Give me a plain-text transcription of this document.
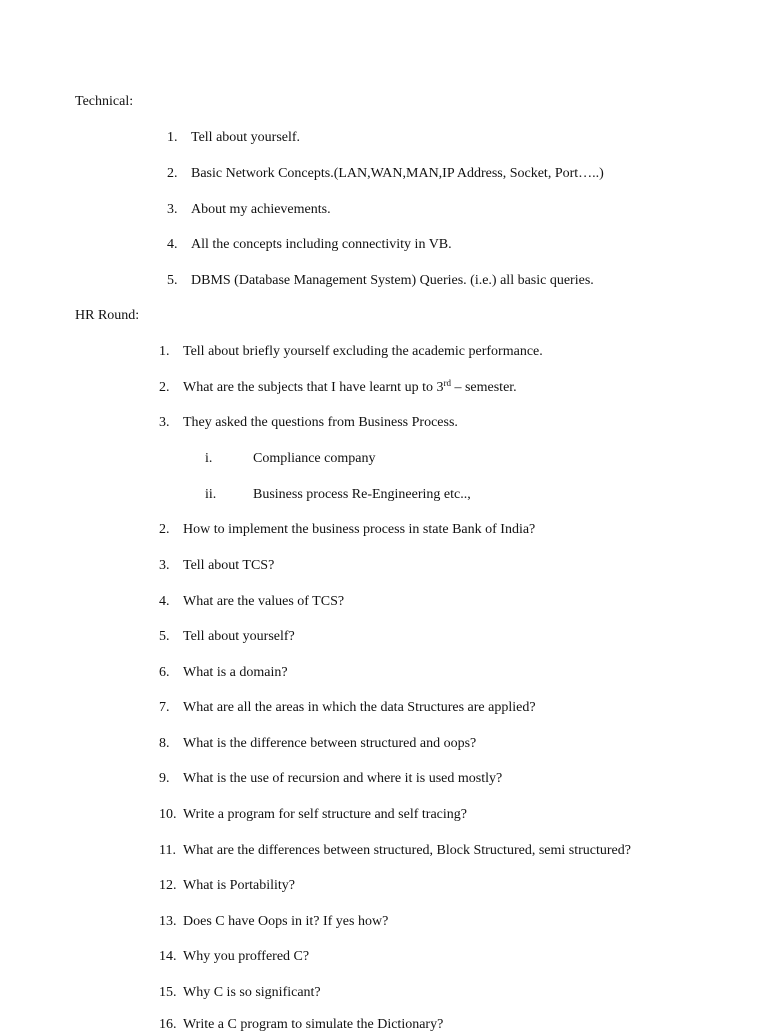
Technical:
1. Tell about yourself.
2. Basic Network Concepts.(LAN,WAN,MAN,IP Address, Socket, Port…..)
3. About my achievements.
4. All the concepts including connectivity in VB.
5. DBMS (Database Management System) Queries. (i.e.) all basic queries.
HR Round:
1. Tell about briefly yourself excluding the academic performance.
2. What are the subjects that I have learnt up to 3rd – semester.
3. They asked the questions from Business Process.
i.	Compliance company
ii.	Business process Re-Engineering etc..,
2. How to implement the business process in state Bank of India?
3. Tell about TCS?
4. What are the values of TCS?
5. Tell about yourself?
6. What is a domain?
7. What are all the areas in which the data Structures are applied?
8. What is the difference between structured and oops?
9. What is the use of recursion and where it is used mostly?
10. Write a program for self structure and self tracing?
11. What are the differences between structured, Block Structured, semi structured?
12. What is Portability?
13. Does C have Oops in it? If yes how?
14. Why you proffered C?
15. Why C is so significant?
16. Write a C program to simulate the Dictionary?
